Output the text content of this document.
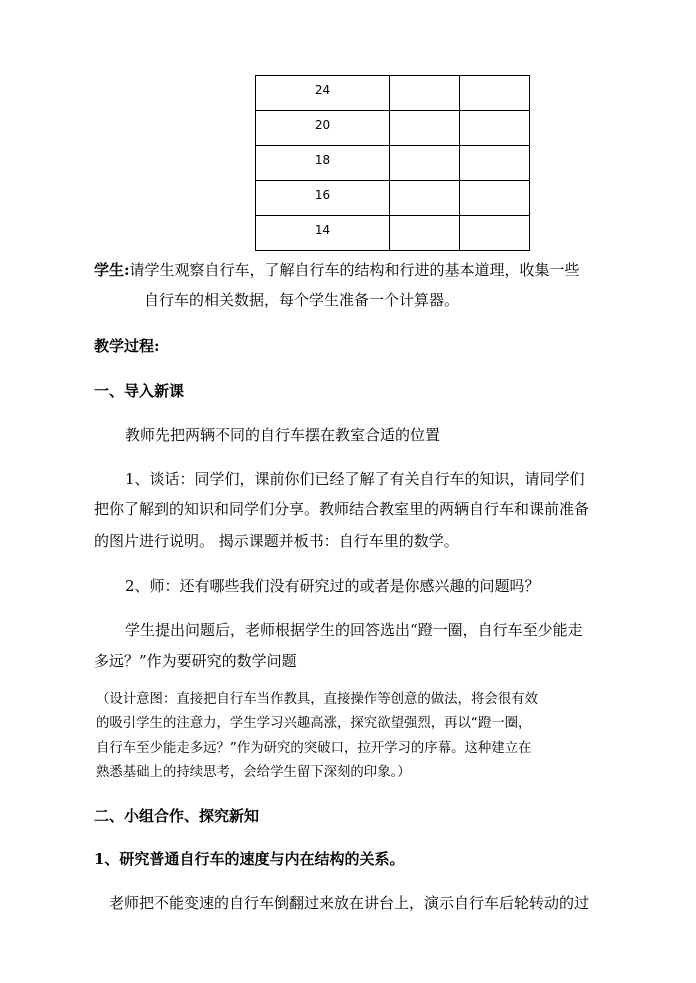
24		
20		
18		
16		
14		
学生:请学生观察自行车，了解自行车的结构和行进的基本道理，收集一些
自行车的相关数据，每个学生准备一个计算器。
教学过程:
一、导入新课
教师先把两辆不同的自行车摆在教室合适的位置
1、谈话：同学们，课前你们已经了解了有关自行车的知识，请同学们
把你了解到的知识和同学们分享。教师结合教室里的两辆自行车和课前准备
的图片进行说明。 揭示课题并板书：自行车里的数学。
2、师：还有哪些我们没有研究过的或者是你感兴趣的问题吗？
学生提出问题后，老师根据学生的回答选出“蹬一圈，自行车至少能走
多远？”作为要研究的数学问题
（设计意图：直接把自行车当作教具，直接操作等创意的做法，将会很有效
的吸引学生的注意力，学生学习兴趣高涨，探究欲望强烈，再以“蹬一圈，
自行车至少能走多远？”作为研究的突破口，拉开学习的序幕。这种建立在
熟悉基础上的持续思考，会给学生留下深刻的印象。）
二、小组合作、探究新知
1、研究普通自行车的速度与内在结构的关系。
老师把不能变速的自行车倒翻过来放在讲台上，演示自行车后轮转动的过
